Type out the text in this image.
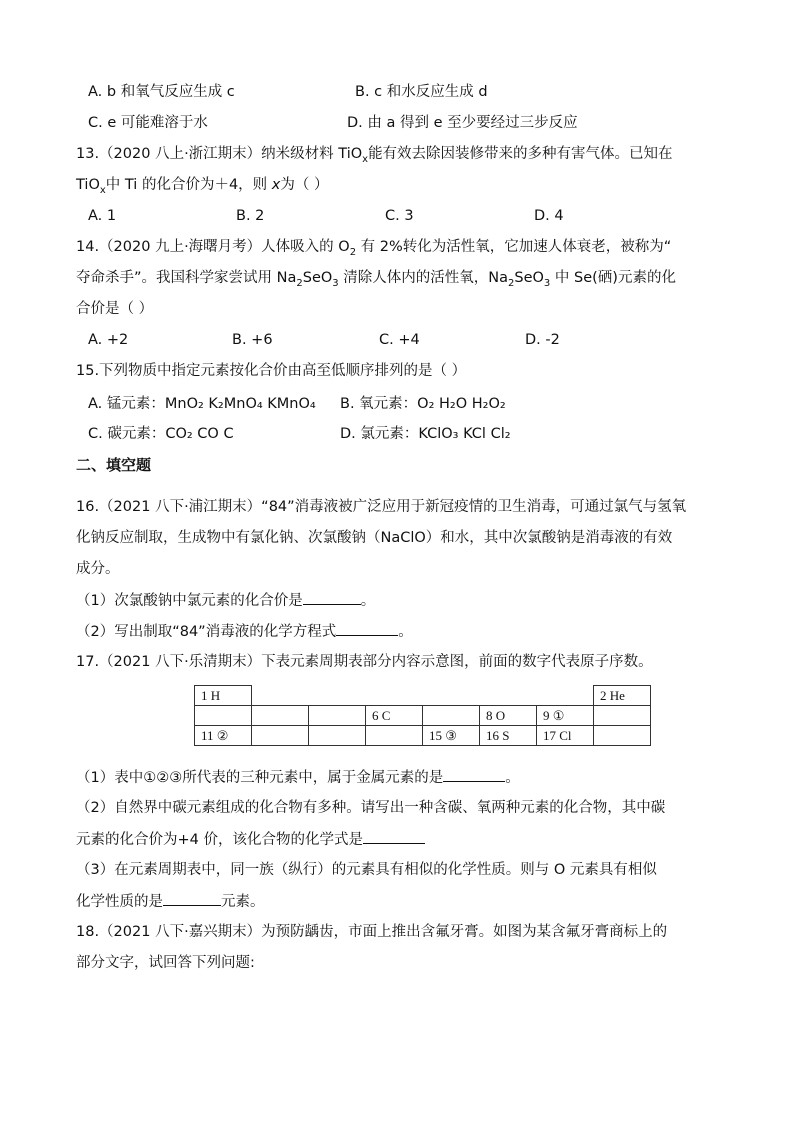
A. b 和氧气反应生成 c	B. c 和水反应生成 d
C. e 可能难溶于水	D. 由 a 得到 e 至少要经过三步反应
13.（2020 八上·浙江期末）纳米级材料 TiO$_x$能有效去除因装修带来的多种有害气体。已知在
TiO$_x$中 Ti 的化合价为＋4，则 x为（ ）
A. 1	B. 2	C. 3	D. 4
14.（2020 九上·海曙月考）人体吸入的 $O_2$ 有 2%转化为活性氧，它加速人体衰老，被称为“
夺命杀手”。我国科学家尝试用 $Na_2SeO_3$ 清除人体内的活性氧，$Na_2SeO_3$ 中 Se(硒)元素的化
合价是（ ）
A. +2	B. +6	C. +4	D. -2
15.下列物质中指定元素按化合价由高至低顺序排列的是（ ）
A. 锰元素：MnO₂ K₂MnO₄ KMnO₄ B. 氧元素：O₂ H₂O H₂O₂
C. 碳元素：CO₂ CO C	D. 氯元素：KClO₃ KCl Cl₂
二、填空题
16.（2021 八下·浦江期末）“84”消毒液被广泛应用于新冠疫情的卫生消毒，可通过氯气与氢氧
化钠反应制取，生成物中有氯化钠、次氯酸钠（NaClO）和水，其中次氯酸钠是消毒液的有效
成分。
（1）次氯酸钠中氯元素的化合价是	。
（2）写出制取“84”消毒液的化学方程式	。
17.（2021 八下·乐清期末）下表元素周期表部分内容示意图，前面的数字代表原子序数。
1 H							2 He
			6 C		8 O	9 ①	
11 ②				15 ③	16 S	17 Cl	
（1）表中①②③所代表的三种元素中，属于金属元素的是	。
（2）自然界中碳元素组成的化合物有多种。请写出一种含碳、氧两种元素的化合物，其中碳
元素的化合价为+4 价，该化合物的化学式是
（3）在元素周期表中，同一族（纵行）的元素具有相似的化学性质。则与 O 元素具有相似
化学性质的是	元素。
18.（2021 八下·嘉兴期末）为预防龋齿，市面上推出含氟牙膏。如图为某含氟牙膏商标上的
部分文字，试回答下列问题:
